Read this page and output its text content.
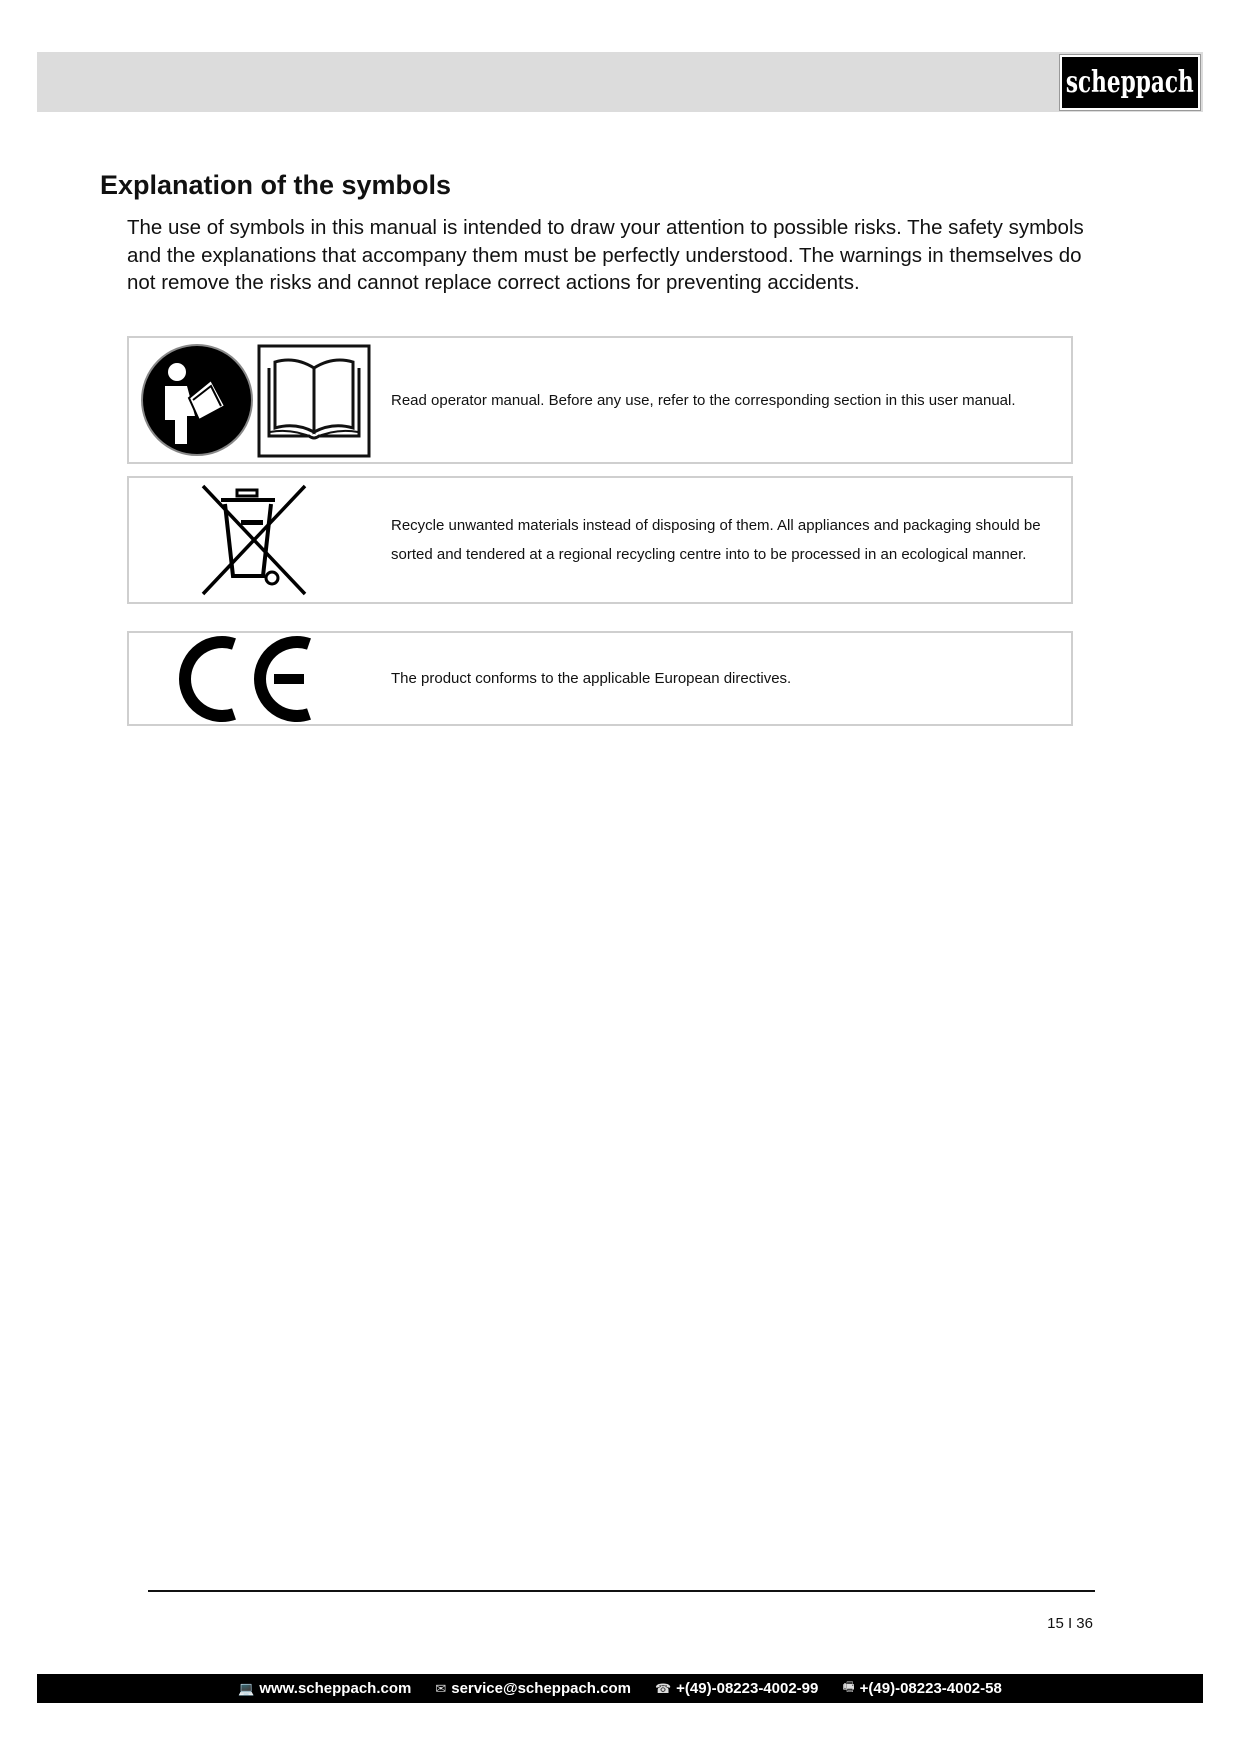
scheppach
Explanation of the symbols

The use of symbols in this manual is intended to draw your attention to possible risks. The safety symbols and the explanations that accompany them must be perfectly understood. The warnings in themselves do not remove the risks and cannot replace correct actions for preventing accidents.

Read operator manual. Before any use, refer to the corresponding section in this user manual.
Recycle unwanted materials instead of disposing of them. All appliances and packaging should be sorted and tendered at a regional recycling centre into to be processed in an ecological manner.
The product conforms to the applicable European directives.
15 I 36
💻 www.scheppach.com ✉ service@scheppach.com ☎ +(49)-08223-4002-99 🖷 +(49)-08223-4002-58
